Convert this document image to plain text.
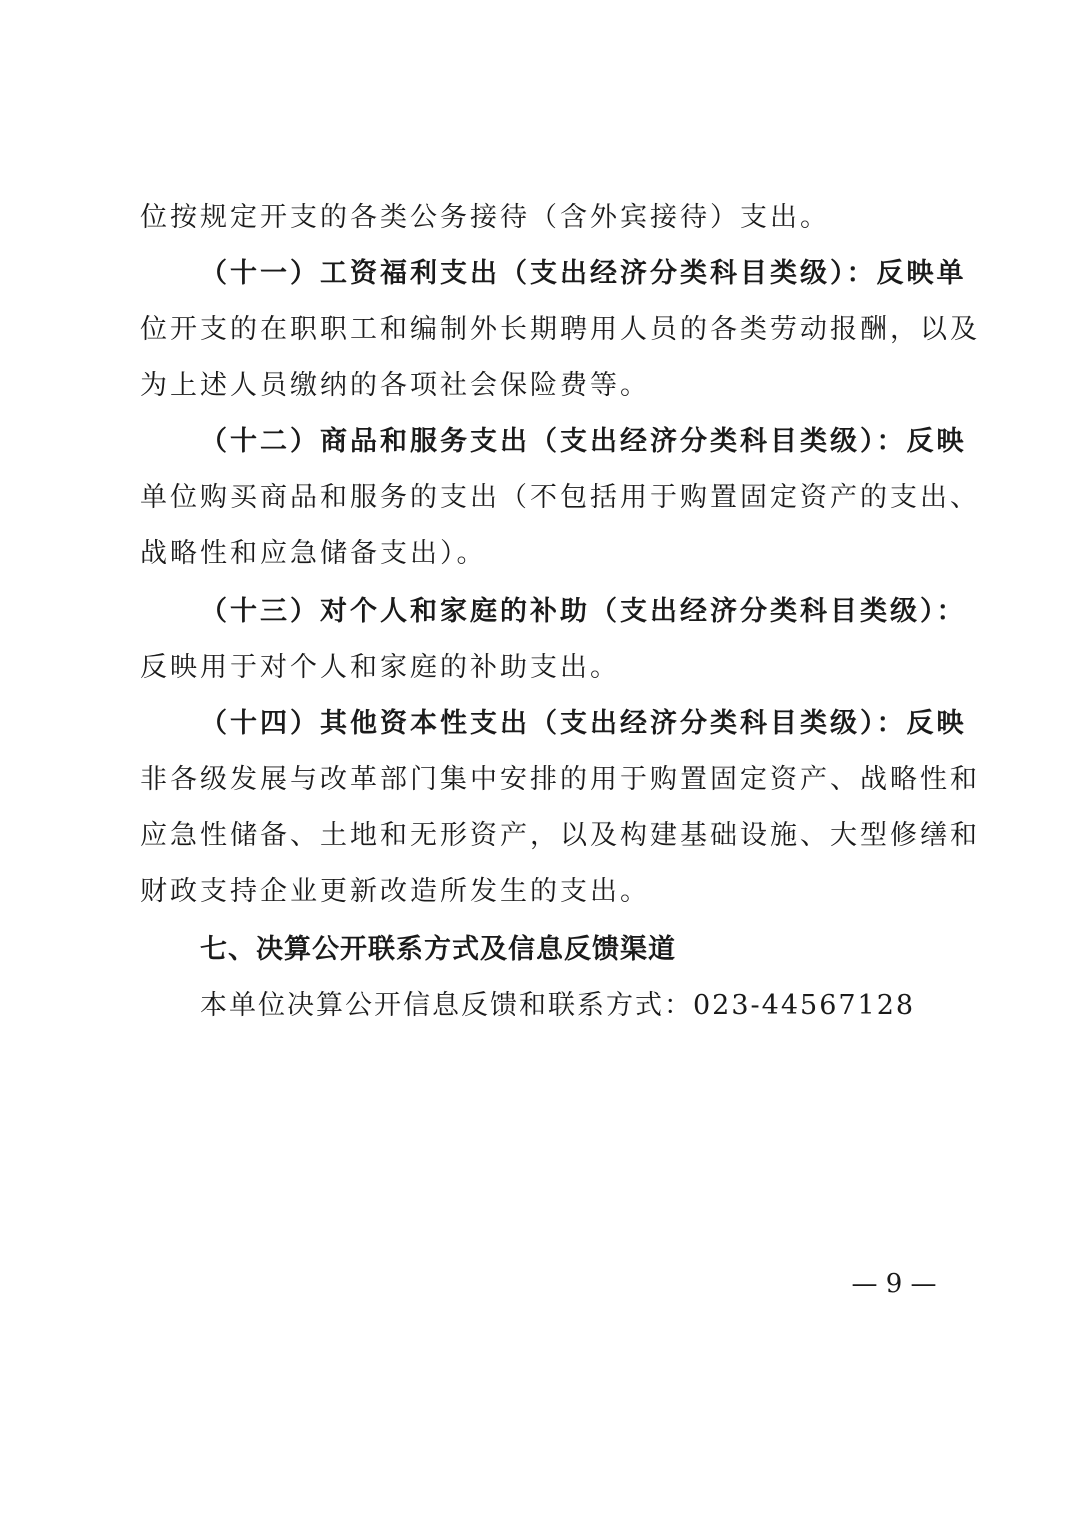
位按规定开支的各类公务接待（含外宾接待）支出。
（十一）工资福利支出（支出经济分类科目类级）：反映单
位开支的在职职工和编制外长期聘用人员的各类劳动报酬，以及
为上述人员缴纳的各项社会保险费等。
（十二）商品和服务支出（支出经济分类科目类级）：反映
单位购买商品和服务的支出（不包括用于购置固定资产的支出、
战略性和应急储备支出）。
（十三）对个人和家庭的补助（支出经济分类科目类级）：
反映用于对个人和家庭的补助支出。
（十四）其他资本性支出（支出经济分类科目类级）：反映
非各级发展与改革部门集中安排的用于购置固定资产、战略性和
应急性储备、土地和无形资产，以及构建基础设施、大型修缮和
财政支持企业更新改造所发生的支出。
七、决算公开联系方式及信息反馈渠道
本单位决算公开信息反馈和联系方式：023-44567128
— 9 —
